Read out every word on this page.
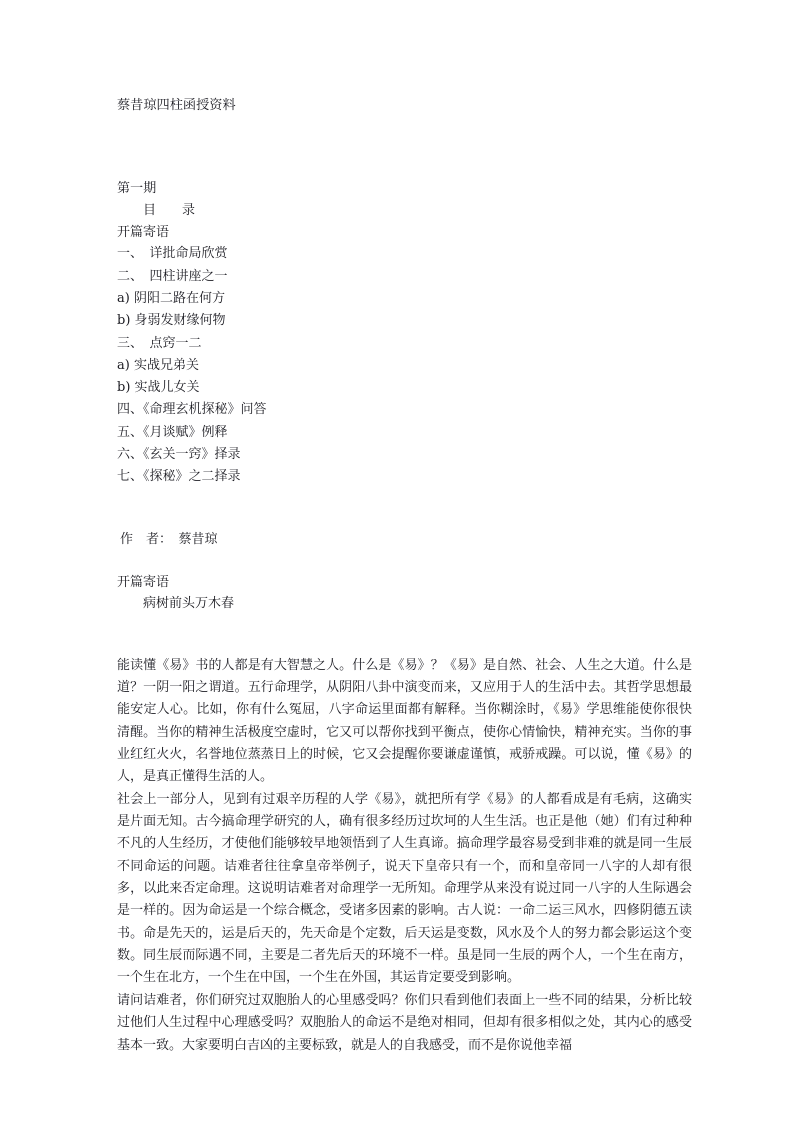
蔡昔琼四柱函授资料
第一期
目　　录
开篇寄语
一、　详批命局欣赏
二、　四柱讲座之一
a) 阴阳二路在何方
b) 身弱发财缘何物
三、　点窍一二
a) 实战兄弟关
b) 实战儿女关
四、《命理玄机探秘》问答
五、《月谈赋》例释
六、《玄关一窍》择录
七、《探秘》之二择录
作　者：　蔡昔琼
开篇寄语
病树前头万木春

能读懂《易》书的人都是有大智慧之人。什么是《易》？《易》是自然、社会、人生之大道。什么是道？一阴一阳之谓道。五行命理学，从阴阳八卦中演变而来，又应用于人的生活中去。其哲学思想最能安定人心。比如，你有什么冤屈，八字命运里面都有解释。当你糊涂时，《易》学思维能使你很快清醒。当你的精神生活极度空虚时，它又可以帮你找到平衡点，使你心情愉快，精神充实。当你的事业红红火火，名誉地位蒸蒸日上的时候，它又会提醒你要谦虚谨慎，戒骄戒躁。可以说，懂《易》的人，是真正懂得生活的人。

社会上一部分人，见到有过艰辛历程的人学《易》，就把所有学《易》的人都看成是有毛病，这确实是片面无知。古今搞命理学研究的人，确有很多经历过坎坷的人生生活。也正是他（她）们有过种种不凡的人生经历，才使他们能够较早地领悟到了人生真谛。搞命理学最容易受到非难的就是同一生辰不同命运的问题。诘难者往往拿皇帝举例子，说天下皇帝只有一个，而和皇帝同一八字的人却有很多，以此来否定命理。这说明诘难者对命理学一无所知。命理学从来没有说过同一八字的人生际遇会是一样的。因为命运是一个综合概念，受诸多因素的影响。古人说：一命二运三风水，四修阴德五读书。命是先天的，运是后天的，先天命是个定数，后天运是变数，风水及个人的努力都会影运这个变数。同生辰而际遇不同，主要是二者先后天的环境不一样。虽是同一生辰的两个人，一个生在南方，一个生在北方，一个生在中国，一个生在外国，其运肯定要受到影响。

请问诘难者，你们研究过双胞胎人的心里感受吗？你们只看到他们表面上一些不同的结果，分析比较过他们人生过程中心理感受吗？双胞胎人的命运不是绝对相同，但却有很多相似之处，其内心的感受基本一致。大家要明白吉凶的主要标致，就是人的自我感受，而不是你说他幸福
